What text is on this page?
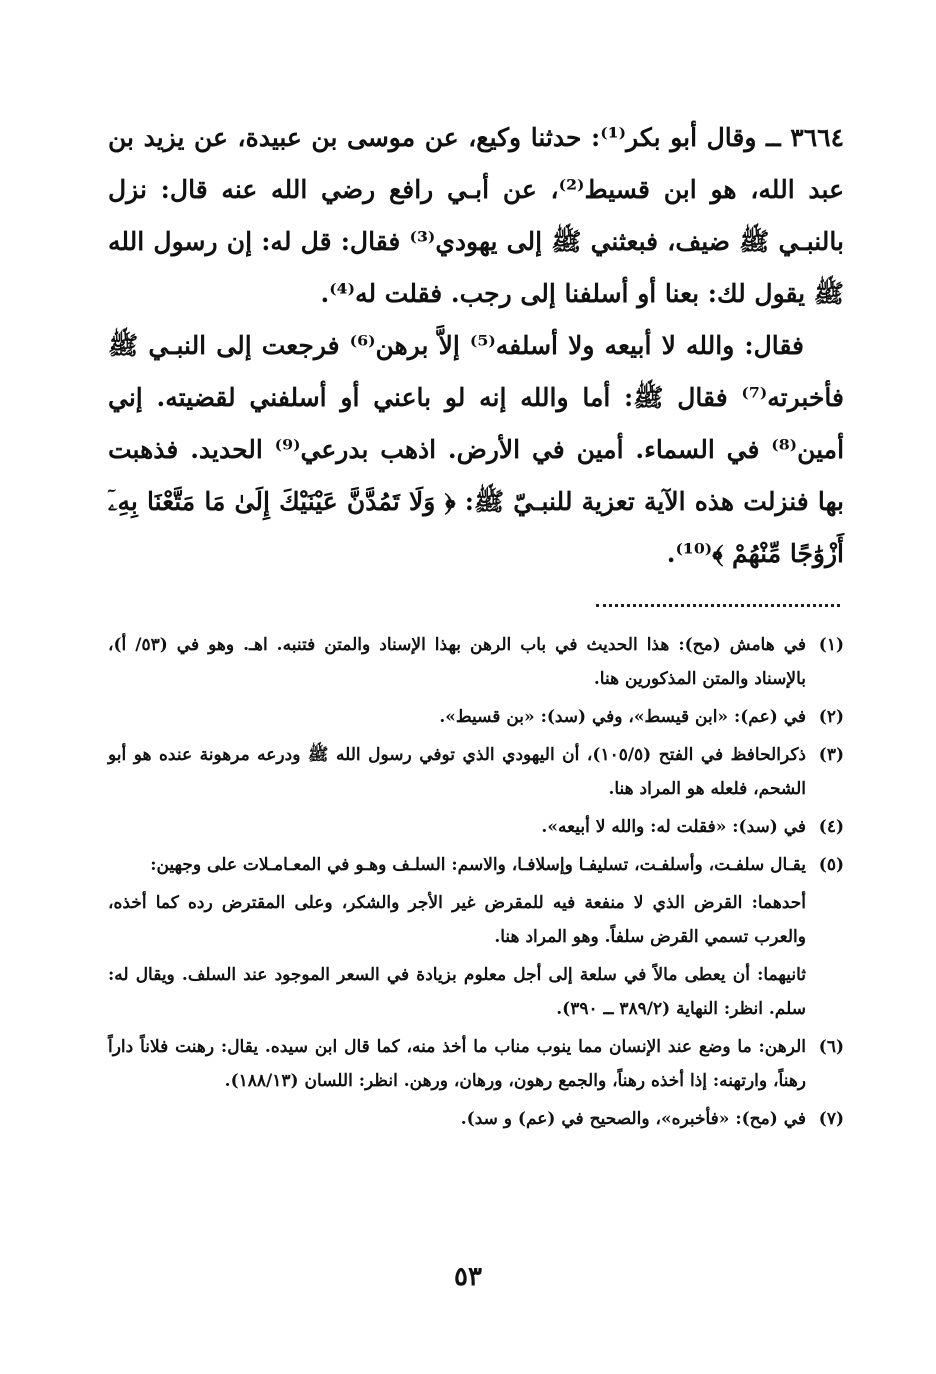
٣٦٦٤ ــ وقال أبو بكر⁽¹⁾: حدثنا وكيع، عن موسى بن عبيدة، عن يزيد بن عبد الله، هو ابن قسيط⁽²⁾، عن أبـي رافع رضي الله عنه قال: نزل بالنبـي ﷺ ضيف، فبعثني ﷺ إلى يهودي⁽³⁾ فقال: قل له: إن رسول الله ﷺ يقول لك: بعنا أو أسلفنا إلى رجب. فقلت له⁽⁴⁾.

فقال: والله لا أبيعه ولا أسلفه⁽⁵⁾ إلاَّ برهن⁽⁶⁾ فرجعت إلى النبـي ﷺ فأخبرته⁽⁷⁾ فقال ﷺ: أما والله إنه لو باعني أو أسلفني لقضيته. إني أمين⁽⁸⁾ في السماء. أمين في الأرض. اذهب بدرعي⁽⁹⁾ الحديد. فذهبت بها فنزلت هذه الآية تعزية للنبـيّ ﷺ: ﴿ وَلَا تَمُدَّنَّ عَيْنَيْكَ إِلَىٰ مَا مَتَّعْنَا بِهِۦٓ أَزْوَٰجًا مِّنْهُمْ ﴾⁽¹⁰⁾.

(١)
في هامش (مح): هذا الحديث في باب الرهن بهذا الإسناد والمتن فتنبه. اهـ. وهو في (٥٣/ أ)، بالإسناد والمتن المذكورين هنا.
(٢)
في (عم): «ابن قيسط»، وفي (سد): «بن قسيط».
(٣)
ذكرالحافظ في الفتح (١٠٥/٥)، أن اليهودي الذي توفي رسول الله ﷺ ودرعه مرهونة عنده هو أبو الشحم، فلعله هو المراد هنا.
(٤)
في (سد): «فقلت له: والله لا أبيعه».
(٥)
يقـال سلفـت، وأسلفـت، تسليفـا وإسلافـا، والاسم: السلـف وهـو في المعـامـلات على وجهين:
أحدهما: القرض الذي لا منفعة فيه للمقرض غير الأجر والشكر، وعلى المقترض رده كما أخذه، والعرب تسمي القرض سلفاً. وهو المراد هنا.
ثانيهما: أن يعطى مالاً في سلعة إلى أجل معلوم بزيادة في السعر الموجود عند السلف. ويقال له: سلم. انظر: النهاية (٣٨٩/٢ ــ ٣٩٠).
(٦)
الرهن: ما وضع عند الإنسان مما ينوب مناب ما أخذ منه، كما قال ابن سيده. يقال: رهنت فلاناً داراً رهناً، وارتهنه: إذا أخذه رهناً، والجمع رهون، ورهان، ورهن. انظر: اللسان (١٨٨/١٣).
(٧)
في (مح): «فأخبره»، والصحيح في (عم) و سد).
٥٣
